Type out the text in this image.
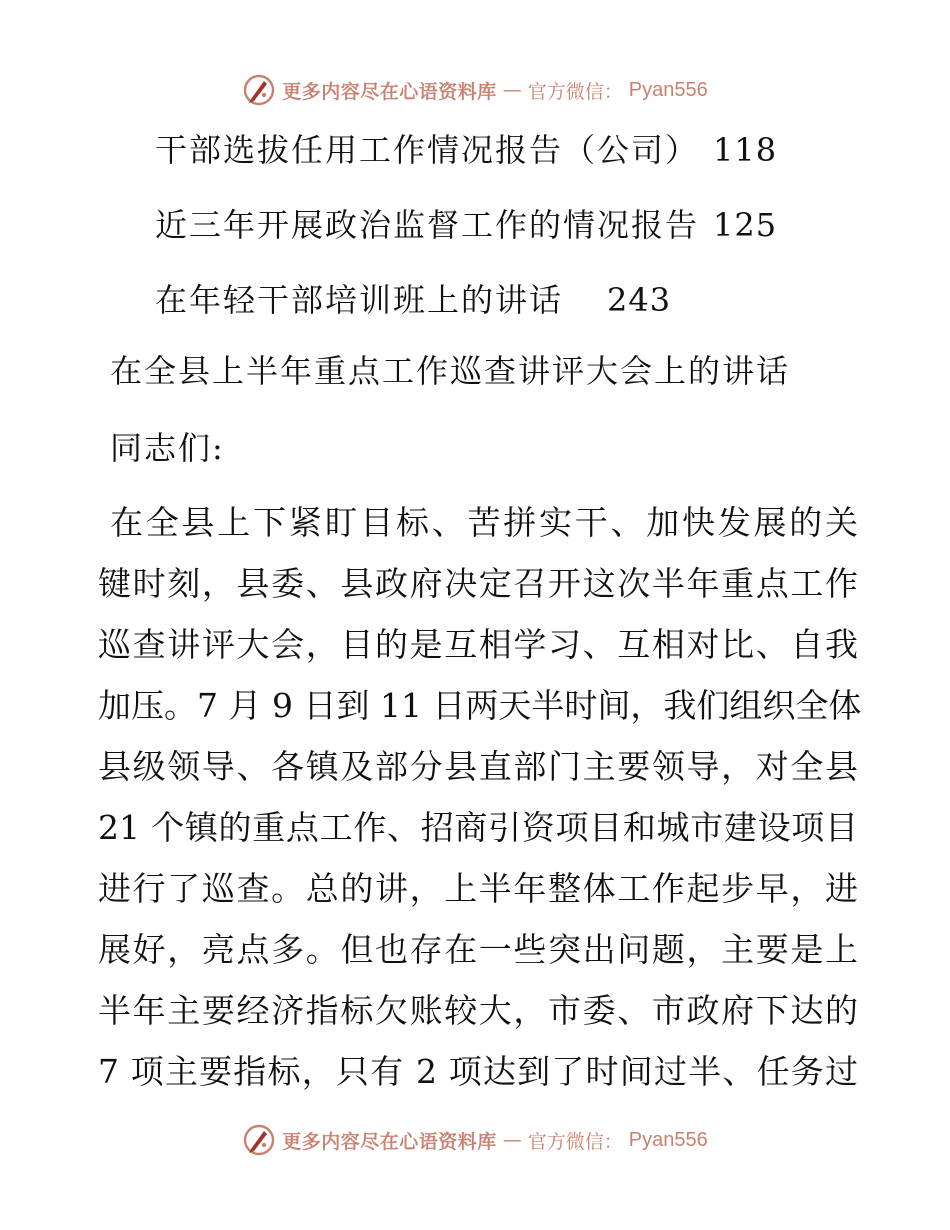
更多内容尽在心语资料库 — 官方微信： Pyan556
干部选拔任用工作情况报告（公司） 118
近三年开展政治监督工作的情况报告 125
在年轻干部培训班上的讲话 243
在全县上半年重点工作巡查讲评大会上的讲话
同志们:
在全县上下紧盯目标、苦拼实干、加快发展的关
键时刻，县委、县政府决定召开这次半年重点工作
巡查讲评大会，目的是互相学习、互相对比、自我
加压。7 月 9 日到 11 日两天半时间，我们组织全体
县级领导、各镇及部分县直部门主要领导，对全县
21 个镇的重点工作、招商引资项目和城市建设项目
进行了巡查。总的讲，上半年整体工作起步早，进
展好，亮点多。但也存在一些突出问题，主要是上
半年主要经济指标欠账较大，市委、市政府下达的
7 项主要指标，只有 2 项达到了时间过半、任务过
更多内容尽在心语资料库 — 官方微信： Pyan556
